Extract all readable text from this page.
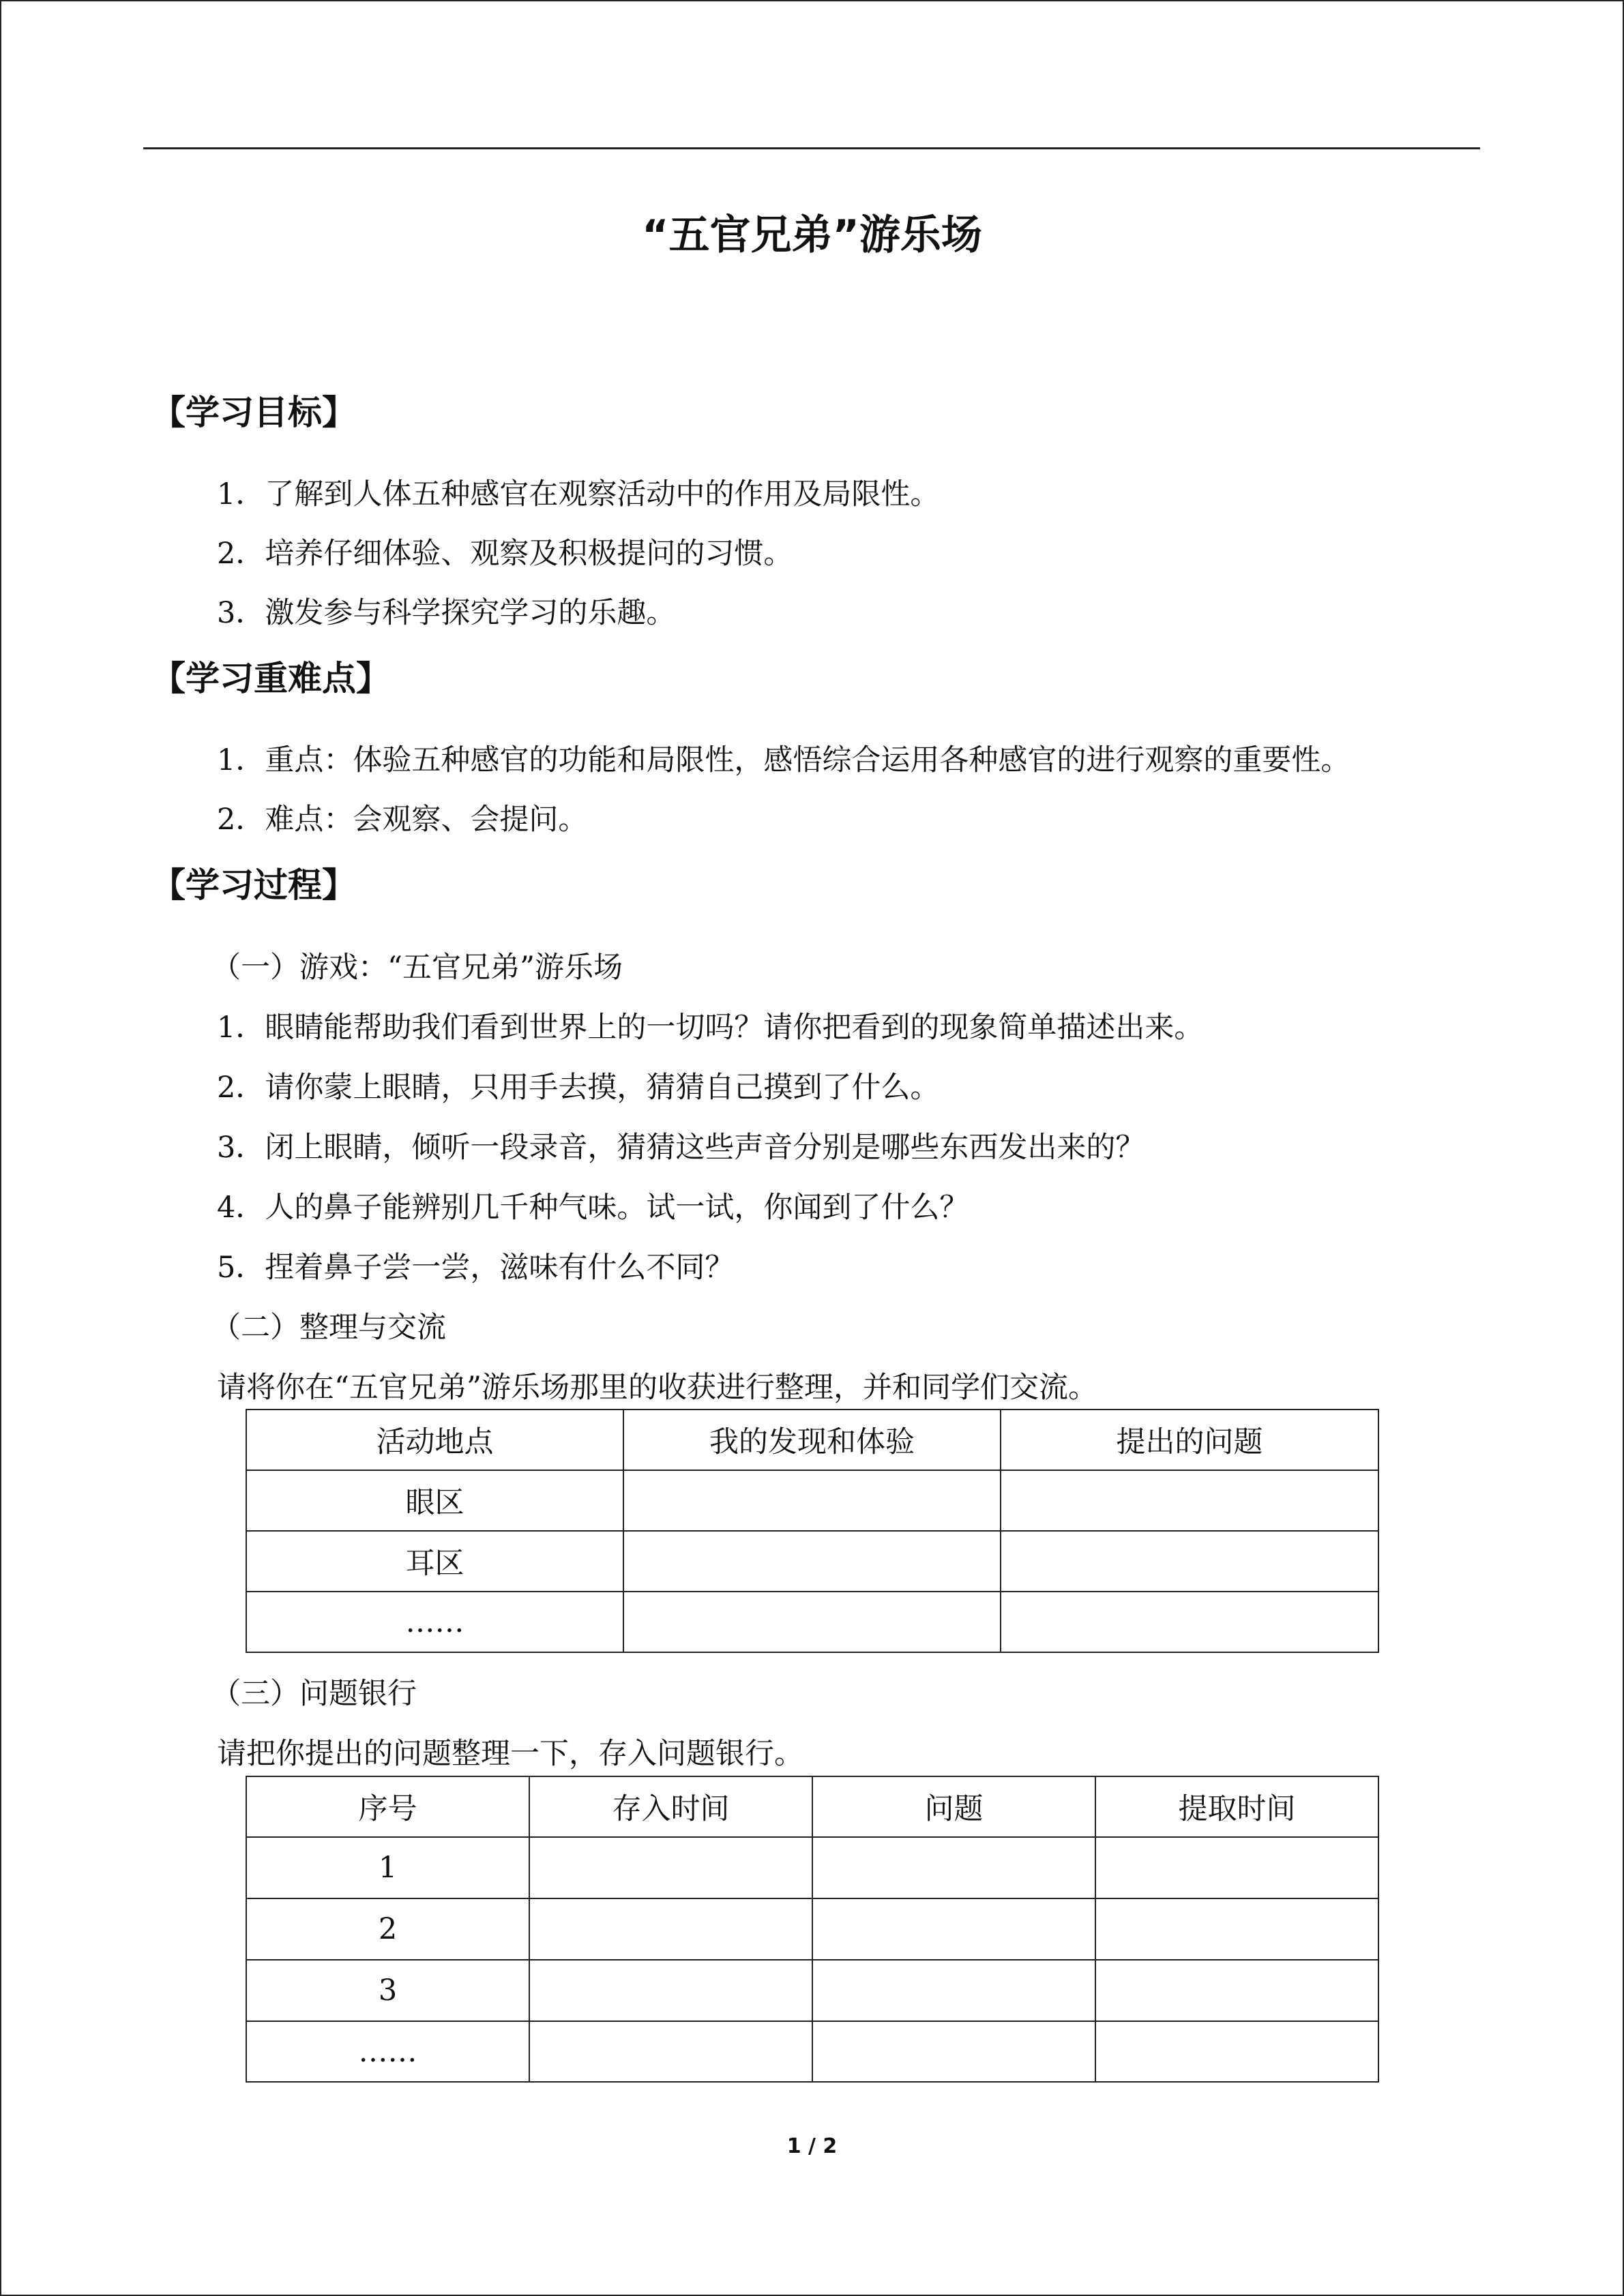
“五官兄弟”游乐场
【学习目标】
1．了解到人体五种感官在观察活动中的作用及局限性。
2．培养仔细体验、观察及积极提问的习惯。
3．激发参与科学探究学习的乐趣。
【学习重难点】
1．重点：体验五种感官的功能和局限性，感悟综合运用各种感官的进行观察的重要性。
2．难点：会观察、会提问。
【学习过程】
（一）游戏：“五官兄弟”游乐场
1．眼睛能帮助我们看到世界上的一切吗？请你把看到的现象简单描述出来。
2．请你蒙上眼睛，只用手去摸，猜猜自己摸到了什么。
3．闭上眼睛，倾听一段录音，猜猜这些声音分别是哪些东西发出来的？
4．人的鼻子能辨别几千种气味。试一试，你闻到了什么？
5．捏着鼻子尝一尝，滋味有什么不同？
（二）整理与交流
请将你在“五官兄弟”游乐场那里的收获进行整理，并和同学们交流。
活动地点	我的发现和体验	提出的问题
眼区		
耳区		
……		
（三）问题银行
请把你提出的问题整理一下，存入问题银行。
序号	存入时间	问题	提取时间
1			
2			
3			
……			
1 / 2
